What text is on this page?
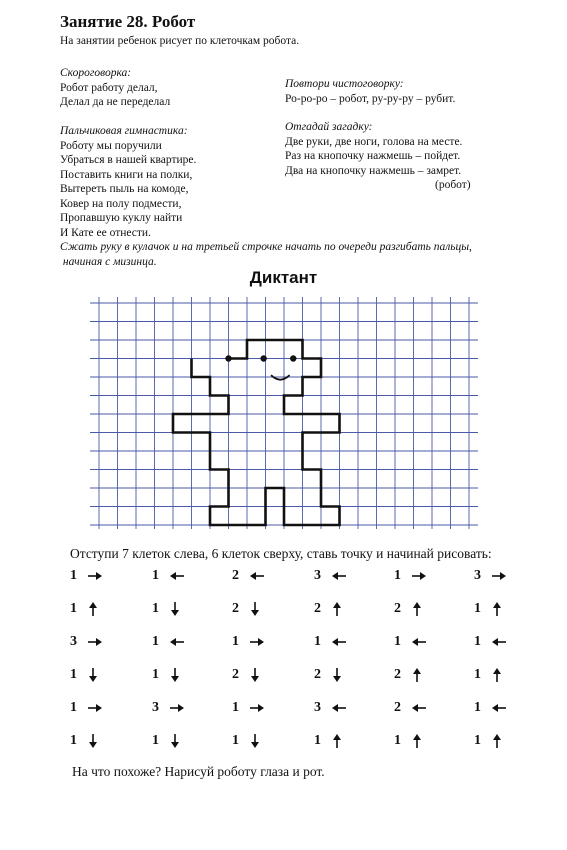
Занятие 28. Робот
На занятии ребенок рисует по клеточкам робота.
Скороговорка:
Робот работу делал,
Делал да не переделал
Пальчиковая гимнастика:
Роботу мы поручили
Убраться в нашей квартире.
Поставить книги на полки,
Вытереть пыль на комоде,
Ковер на полу подмести,
Пропавшую куклу найти
И Кате ее отнести.
Сжать руку в кулачок и на третьей строчке начать по очереди разгибать пальцы,
начиная с мизинца.
Повтори чистоговорку:
Ро-ро-ро – робот, ру-ру-ру – рубит.
Отгадай загадку:
Две руки, две ноги, голова на месте.
Раз на кнопочку нажмешь – пойдет.
Два на кнопочку нажмешь – замрет.
(робот)
Диктант
Отступи 7 клеток слева, 6 клеток сверху, ставь точку и начинай рисовать:
1
1
3
1
1
1
1
1
1
1
3
1
2
2
1
2
1
1
3
2
1
2
3
1
1
2
1
2
2
1
3
1
1
1
1
1
На что похоже? Нарисуй роботу глаза и рот.
